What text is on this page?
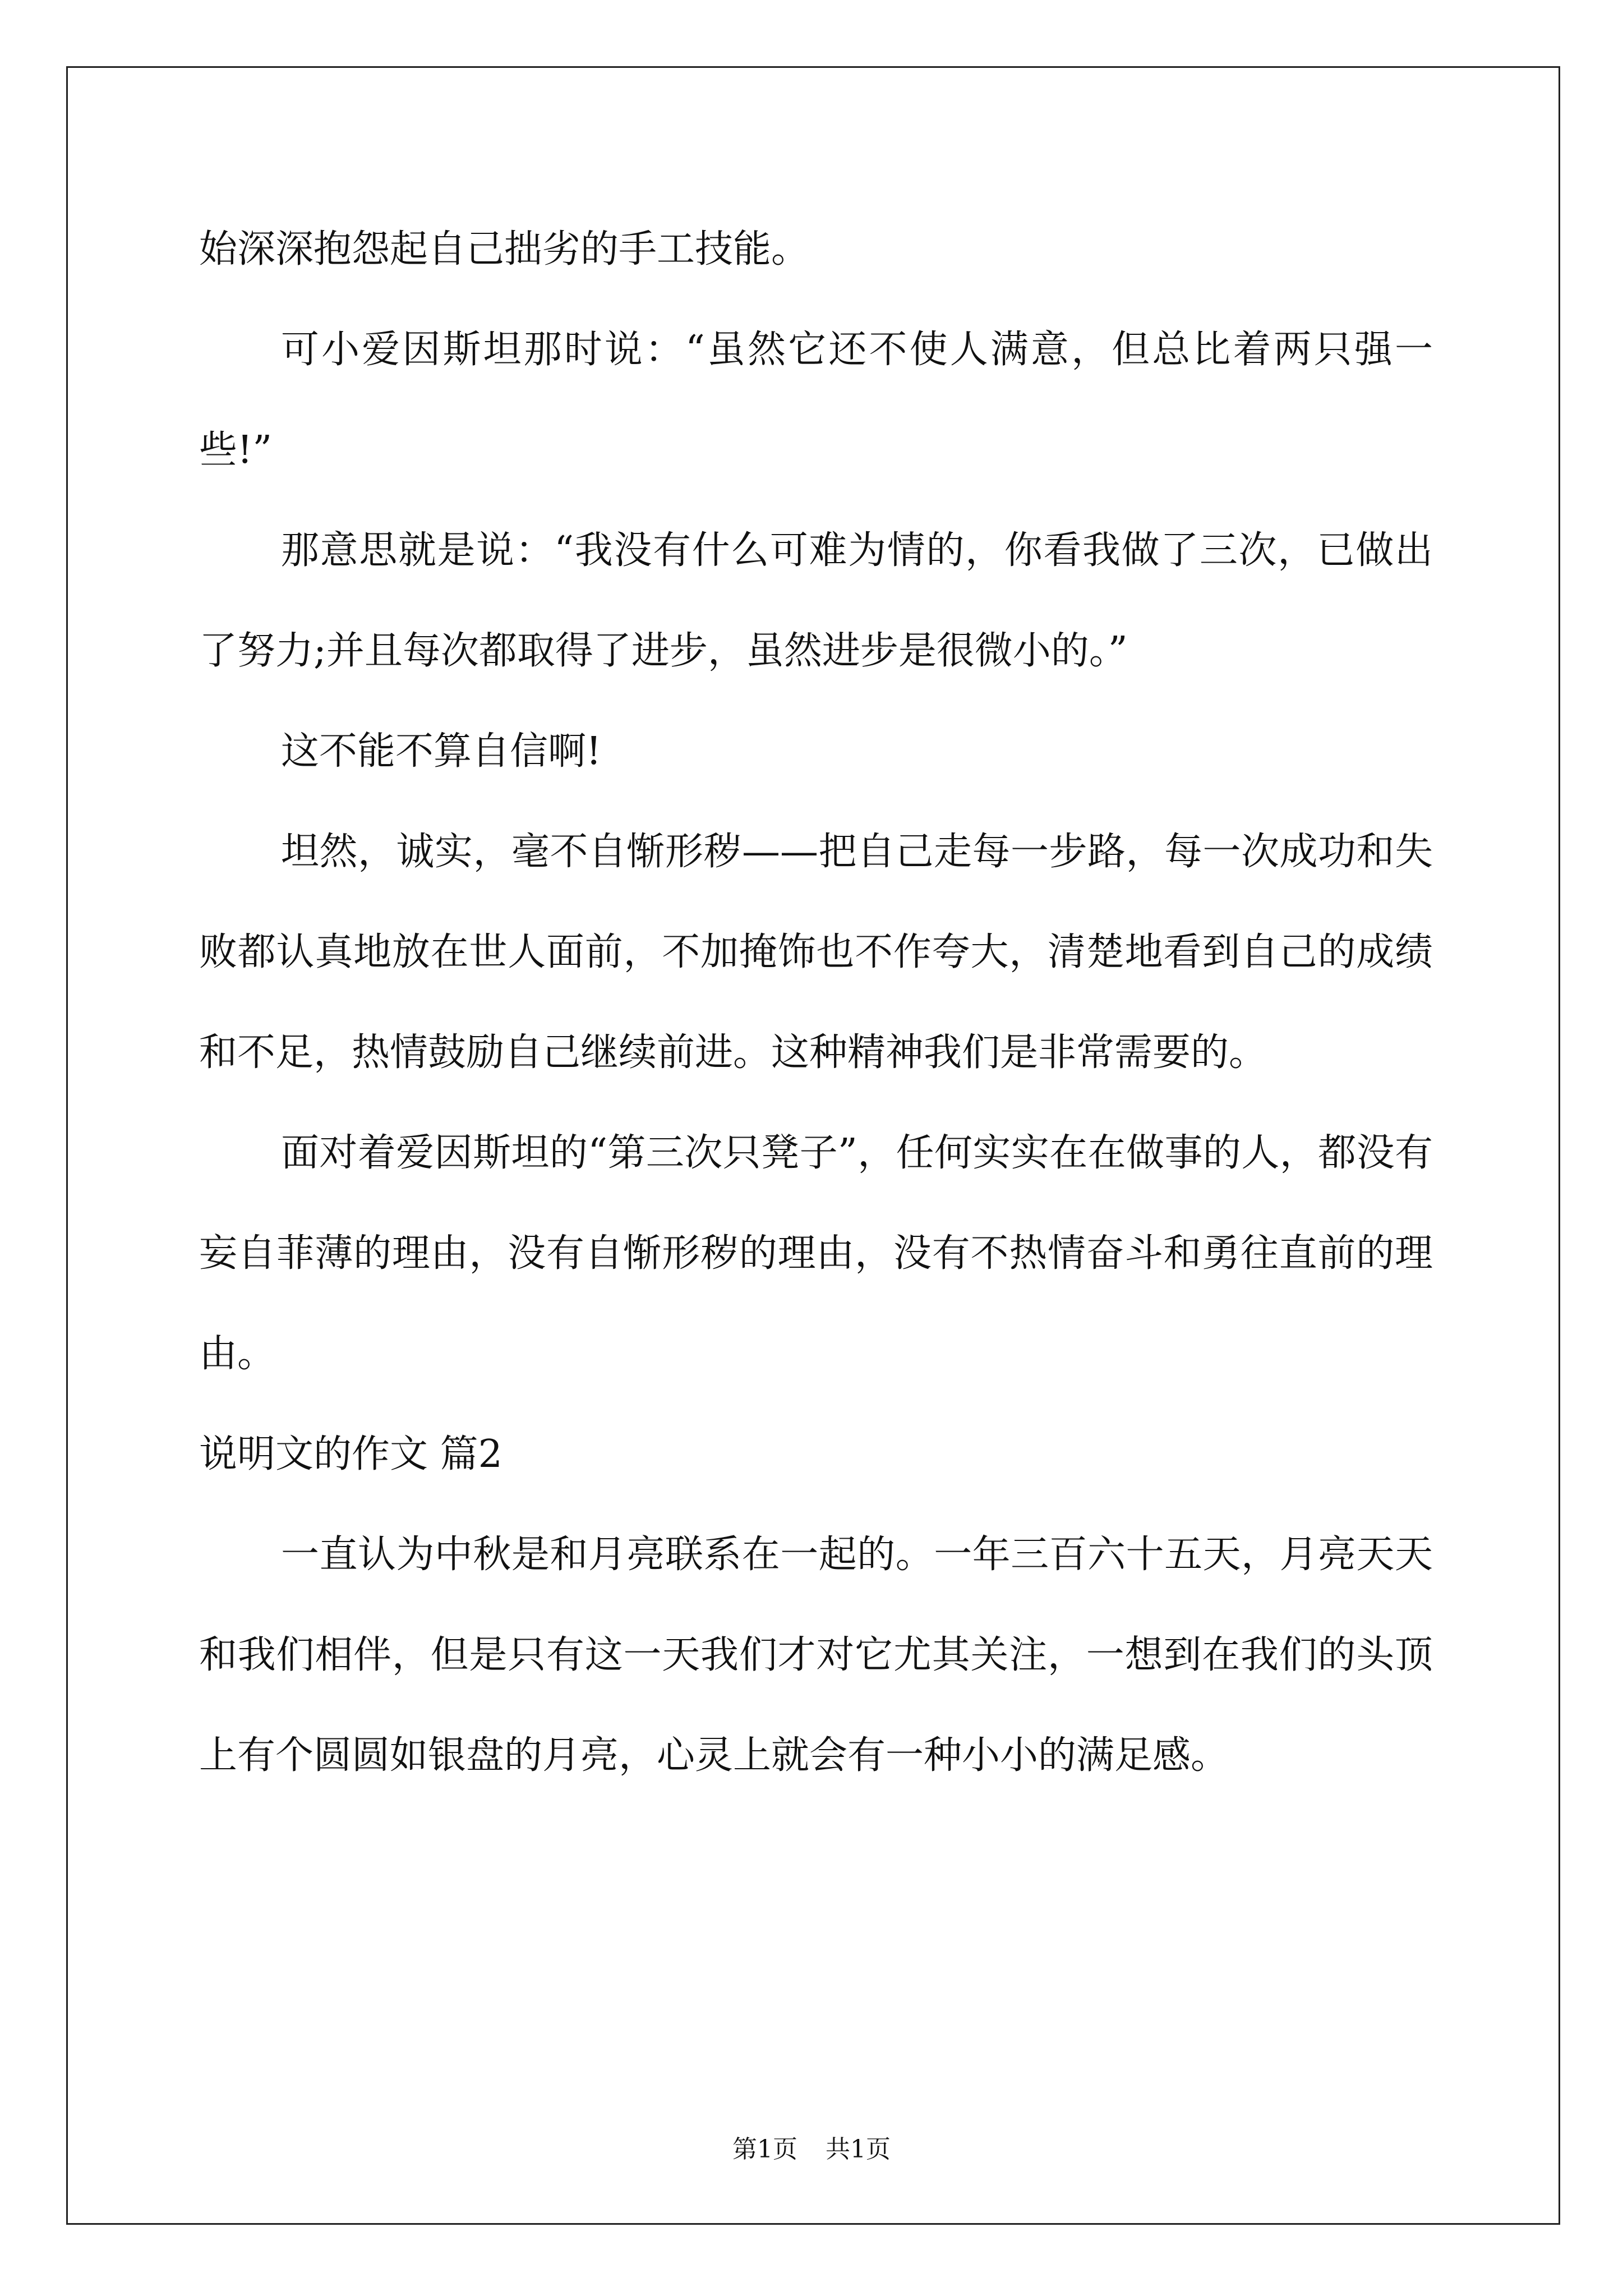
始深深抱怨起自己拙劣的手工技能。

可小爱因斯坦那时说：“虽然它还不使人满意，但总比着两只强一些!”

那意思就是说：“我没有什么可难为情的，你看我做了三次，已做出了努力;并且每次都取得了进步，虽然进步是很微小的。”

这不能不算自信啊!

坦然，诚实，毫不自惭形秽——把自己走每一步路，每一次成功和失败都认真地放在世人面前，不加掩饰也不作夸大，清楚地看到自己的成绩和不足，热情鼓励自己继续前进。这种精神我们是非常需要的。

面对着爱因斯坦的“第三次只凳子”，任何实实在在做事的人，都没有妄自菲薄的理由，没有自惭形秽的理由，没有不热情奋斗和勇往直前的理由。

说明文的作文 篇2

一直认为中秋是和月亮联系在一起的。一年三百六十五天，月亮天天和我们相伴，但是只有这一天我们才对它尤其关注，一想到在我们的头顶上有个圆圆如银盘的月亮，心灵上就会有一种小小的满足感。

第1页 共1页
